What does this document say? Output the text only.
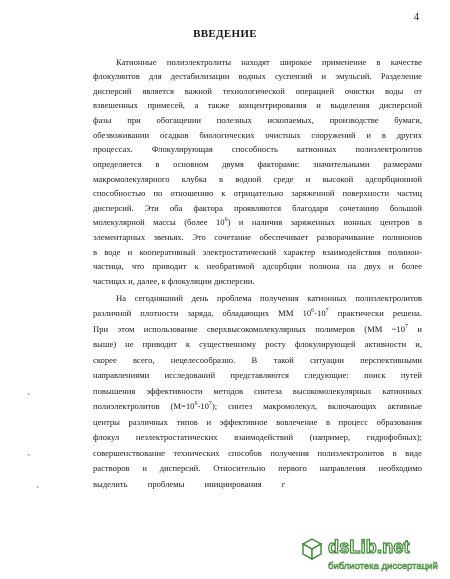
4
ВВЕДЕНИЕ
Катионные полиэлектролиты находят широкое применение в качестве
флокулянтов для дестабилизации водных суспензий и эмульсий. Разделение
дисперсий является важной технологической операцией очистки воды от
взвешенных примесей, а также концентрирования и выделения дисперсной
фазы при обогащении полезных ископаемых, производстве бумаги,
обезвоживании осадков биологических очистных сооружений и в других
процессах. Флокулирующая способность катионных полиэлектролитов
определяется в основном двумя факторами: значительными размерами
макромолекулярного клубка в водной среде и высокой адсорбционной
способностью по отношению к отрицательно заряженной поверхности частиц
дисперсий. Эти оба фактора проявляются благодаря сочетанию большой
молекулярной массы (более $10^6$) и наличия заряженных ионных центров в
элементарных звеньях. Это сочетание обеспечивает разворачивание полиионов
в воде и кооперативный электростатический характер взаимодействия полиион-
частица, что приводит к необратимой адсорбции полиона на двух и более
частицах и, далее, к флокуляции дисперсии.
На сегодняшний день проблема получения катионных полиэлектролитов
различной плотности заряда, обладающих ММ $10^6-10^7$ практически решена.
При этом использование сверхвысокомолекулярных полимеров (ММ $\sim 10^7$ и
выше) не приводит к существенному росту флокулирующей активности и,
скорее всего, нецелесообразно. В такой ситуации перспективными
направлениями исследований представляются следующие: поиск путей
повышения эффективности методов синтеза высокомолекулярных катионных
полиэлектролитов $(М=10^6-10^7)$; синтез макромолекул, включающих активные
центры различных типов и эффективное вовлечение в процесс образования
флокул неэлектростатических взаимодействий (например, гидрофобных);
совершенствование технических способов получения полиэлектролитов в виде
растворов и дисперсий. Относительно первого направления необходимо
выделить проблемы инициирования г
`
`
`
dsLib.net
библиотека диссертаций
